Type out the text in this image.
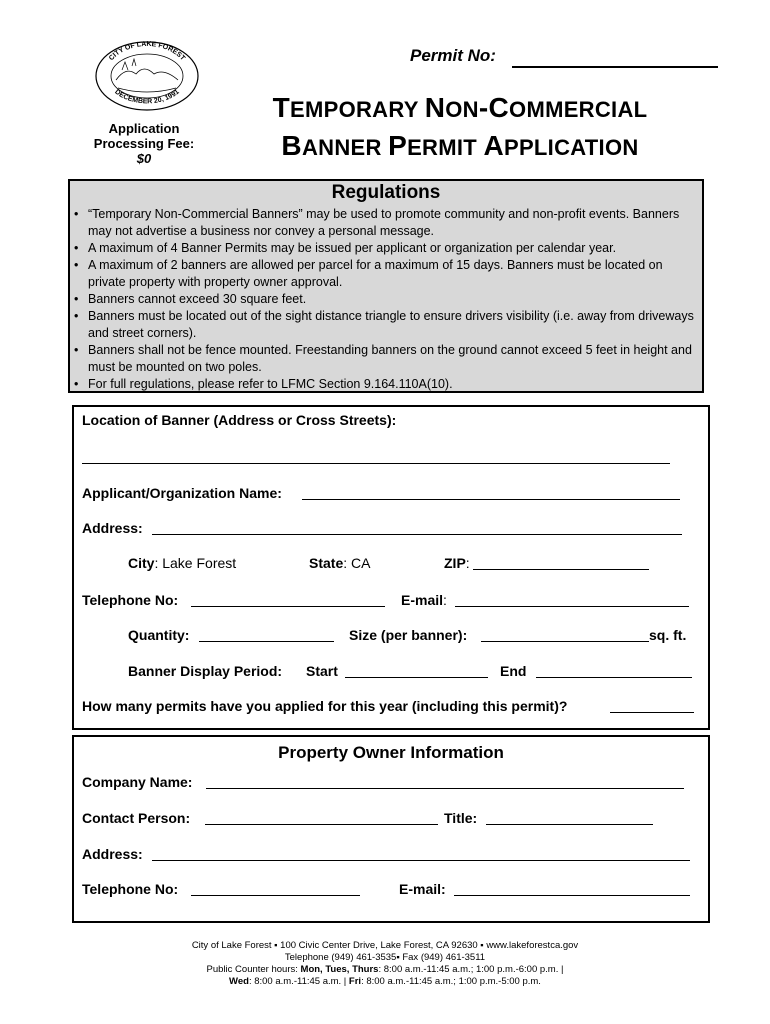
CITY OF LAKE FOREST
DECEMBER 20, 1991
Application
Processing Fee:
$0
Permit No:
TEMPORARY NON-COMMERCIAL
BANNER PERMIT APPLICATION
Regulations
• “Temporary Non-Commercial Banners” may be used to promote community and non-profit events. Banners may not advertise a business nor convey a personal message.
• A maximum of 4 Banner Permits may be issued per applicant or organization per calendar year.
• A maximum of 2 banners are allowed per parcel for a maximum of 15 days. Banners must be located on private property with property owner approval.
• Banners cannot exceed 30 square feet.
• Banners must be located out of the sight distance triangle to ensure drivers visibility (i.e. away from driveways and street corners).
• Banners shall not be fence mounted. Freestanding banners on the ground cannot exceed 5 feet in height and must be mounted on two poles.
• For full regulations, please refer to LFMC Section 9.164.110A(10).
Location of Banner (Address or Cross Streets):
Applicant/Organization Name:
Address:
City: Lake Forest	State: CA	ZIP:
Telephone No:	E-mail:
Quantity:	Size (per banner):	sq. ft.
Banner Display Period: Start	End
How many permits have you applied for this year (including this permit)?
Property Owner Information
Company Name:
Contact Person:	Title:
Address:
Telephone No:	E-mail:
City of Lake Forest ▪ 100 Civic Center Drive, Lake Forest, CA 92630 ▪ www.lakeforestca.gov
Telephone (949) 461-3535▪ Fax (949) 461-3511
Public Counter hours: Mon, Tues, Thurs: 8:00 a.m.-11:45 a.m.; 1:00 p.m.-6:00 p.m. |
Wed: 8:00 a.m.-11:45 a.m. | Fri: 8:00 a.m.-11:45 a.m.; 1:00 p.m.-5:00 p.m.
